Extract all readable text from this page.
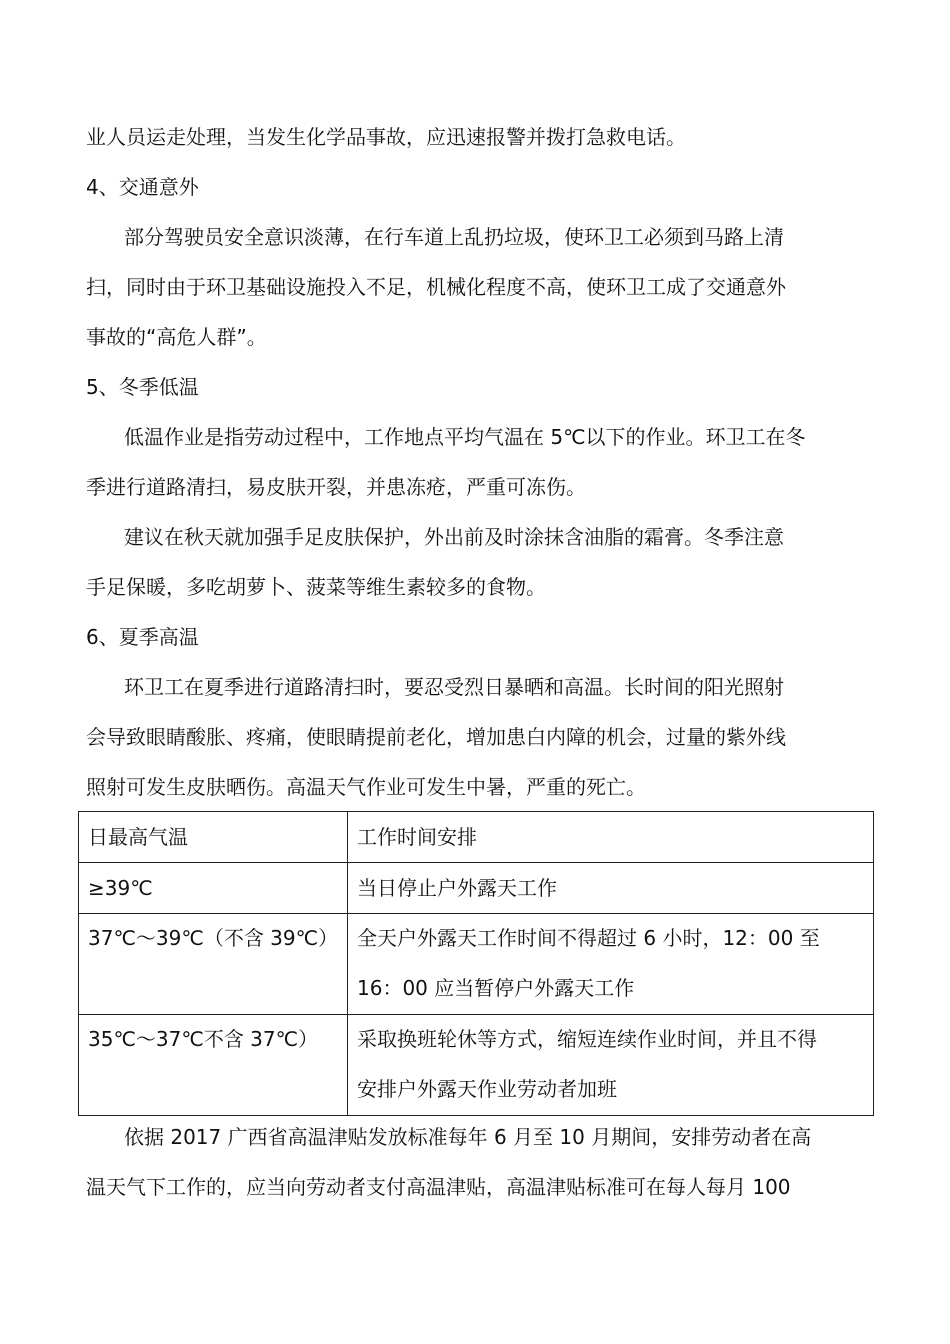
业人员运走处理，当发生化学品事故，应迅速报警并拨打急救电话。
4、交通意外
部分驾驶员安全意识淡薄，在行车道上乱扔垃圾，使环卫工必须到马路上清
扫，同时由于环卫基础设施投入不足，机械化程度不高，使环卫工成了交通意外
事故的“高危人群”。
5、冬季低温
低温作业是指劳动过程中，工作地点平均气温在 5℃以下的作业。环卫工在冬
季进行道路清扫，易皮肤开裂，并患冻疮，严重可冻伤。
建议在秋天就加强手足皮肤保护，外出前及时涂抹含油脂的霜膏。冬季注意
手足保暖，多吃胡萝卜、菠菜等维生素较多的食物。
6、夏季高温
环卫工在夏季进行道路清扫时，要忍受烈日暴晒和高温。长时间的阳光照射
会导致眼睛酸胀、疼痛，使眼睛提前老化，增加患白内障的机会，过量的紫外线
照射可发生皮肤晒伤。高温天气作业可发生中暑，严重的死亡。
日最高气温	工作时间安排
≥39℃	当日停止户外露天工作

37℃～39℃（不含 39℃）	全天户外露天工作时间不得超过 6 小时，12：00 至
16：00 应当暂停户外露天工作

35℃～37℃不含 37℃）	采取换班轮休等方式，缩短连续作业时间，并且不得
安排户外露天作业劳动者加班
依据 2017 广西省高温津贴发放标准每年 6 月至 10 月期间，安排劳动者在高
温天气下工作的，应当向劳动者支付高温津贴，高温津贴标准可在每人每月 100
